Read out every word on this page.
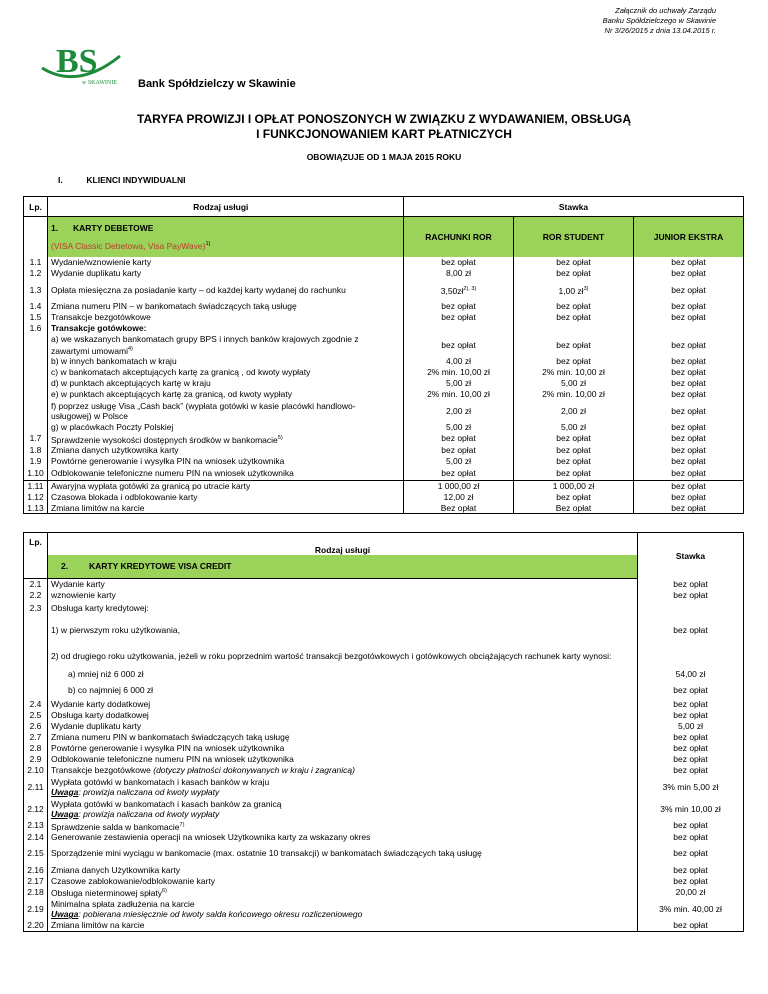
Załącznik do uchwały Zarządu
Banku Spółdzielczego w Skawinie
Nr 3/26/2015 z dnia 13.04.2015 r.
BS
w SKAWINIE Bank Spółdzielczy w Skawinie
TARYFA PROWIZJI I OPŁAT PONOSZONYCH W ZWIĄZKU Z WYDAWANIEM, OBSŁUGĄ
I FUNKCJONOWANIEM KART PŁATNICZYCH
OBOWIĄZUJE OD 1 MAJA 2015 ROKU
I.	KLIENCI INDYWIDUALNI
Lp.	Rodzaj usługi		Stawka		

	1. KARTY DEBETOWE
(VISA Classic Debetowa, Visa PayWave)$^{1)}$		RACHUNKI ROR	ROR STUDENT	JUNIOR EKSTRA
1.1	Wydanie/wznowienie karty		bez opłat	bez opłat	bez opłat
1.2	Wydanie duplikatu karty		8,00 zł	bez opłat	bez opłat
1.3	Opłata miesięczna za posiadanie karty – od każdej karty wydanej do rachunku		$3,50zł^{2), 3)}$	1,00 $zł^{3)}$	bez opłat
1.4	Zmiana numeru PIN – w bankomatach świadczących taką usługę		bez opłat	bez opłat	bez opłat
1.5	Transakcje bezgotówkowe		bez opłat	bez opłat	bez opłat
1.6	Transakcje gotówkowe:				
	a) we wskazanych bankomatach grupy BPS i innych banków krajowych zgodnie z zawartymi umowami$^{4)}$		bez opłat	bez opłat	bez opłat
	b) w innych bankomatach w kraju		4,00 zł	bez opłat	bez opłat
	c) w bankomatach akceptujących kartę za granicą , od kwoty wypłaty		2% min. 10,00 zł	2% min. 10,00 zł	bez opłat
	d) w punktach akceptujących kartę w kraju		5,00 zł	5,00 zł	bez opłat
	e) w punktach akceptujących kartę za granicą, od kwoty wypłaty		2% min. 10,00 zł	2% min. 10,00 zł	bez opłat
	f) poprzez usługę Visa „Cash back” (wypłata gotówki w kasie placówki handlowo- usługowej) w Polsce		2,00 zł	2,00 zł	bez opłat
	g) w placówkach Poczty Polskiej		5,00 zł	5,00 zł	bez opłat
1.7	Sprawdzenie wysokości dostępnych środków w bankomacie$^{5)}$		bez opłat	bez opłat	bez opłat
1.8	Zmiana danych użytkownika karty		bez opłat	bez opłat	bez opłat
1.9	Powtórne generowanie i wysyłka PIN na wniosek użytkownika		5,00 zł	bez opłat	bez opłat
1.10	Odblokowanie telefoniczne numeru PIN na wniosek użytkownika		bez opłat	bez opłat	bez opłat
1.11	Awaryjna wypłata gotówki za granicą po utracie karty		1 000,00 zł	1 000,00 zł	bez opłat
1.12	Czasowa blokada i odblokowanie karty		12,00 zł	bez opłat	bez opłat
1.13	Zmiana limitów na karcie		Bez opłat	Bez opłat	bez opłat
Lp.	Rodzaj usługi	Stawka
	2. KARTY KREDYTOWE VISA CREDIT	
2.1	Wydanie karty	bez opłat
2.2	wznowienie karty	bez opłat
2.3	Obsługa karty kredytowej:	
	1) w pierwszym roku użytkowania,	bez opłat
	2) od drugiego roku użytkowania, jeżeli w roku poprzednim wartość transakcji bezgotówkowych i gotówkowych obciążających rachunek karty wynosi:	
	a) mniej niż 6 000 zł	54,00 zł
	b) co najmniej 6 000 zł	bez opłat
2.4	Wydanie karty dodatkowej	bez opłat
2.5	Obsługa karty dodatkowej	bez opłat
2.6	Wydanie duplikatu karty	5,00 zł
2.7	Zmiana numeru PIN w bankomatach świadczących taką usługę	bez opłat
2.8	Powtórne generowanie i wysyłka PIN na wniosek użytkownika	bez opłat
2.9	Odblokowanie telefoniczne numeru PIN na wniosek użytkownika	bez opłat
2.10	Transakcje bezgotówkowe (dotyczy płatności dokonywanych w kraju i zagranicą)	bez opłat
2.11	Wypłata gotówki w bankomatach i kasach banków w kraju
Uwaga: prowizja naliczana od kwoty wypłaty	3% min 5,00 zł
2.12	Wypłata gotówki w bankomatach i kasach banków za granicą
Uwaga: prowizja naliczana od kwoty wypłaty	3% min 10,00 zł
2.13	Sprawdzenie salda w bankomacie$^{7)}$	bez opłat
2.14	Generowanie zestawienia operacji na wniosek Użytkownika karty za wskazany okres	bez opłat
2.15	Sporządzenie mini wyciągu w bankomacie (max. ostatnie 10 transakcji) w bankomatach świadczących taką usługę	bez opłat
2.16	Zmiana danych Użytkownika karty	bez opłat
2.17	Czasowe zablokowanie/odblokowanie karty	bez opłat
2.18	Obsługa nieterminowej spłaty$^{6)}$	20,00 zł
2.19	Minimalna spłata zadłużenia na karcie
Uwaga: pobierana miesięcznie od kwoty salda końcowego okresu rozliczeniowego	3% min. 40,00 zł
2.20	Zmiana limitów na karcie	bez opłat
